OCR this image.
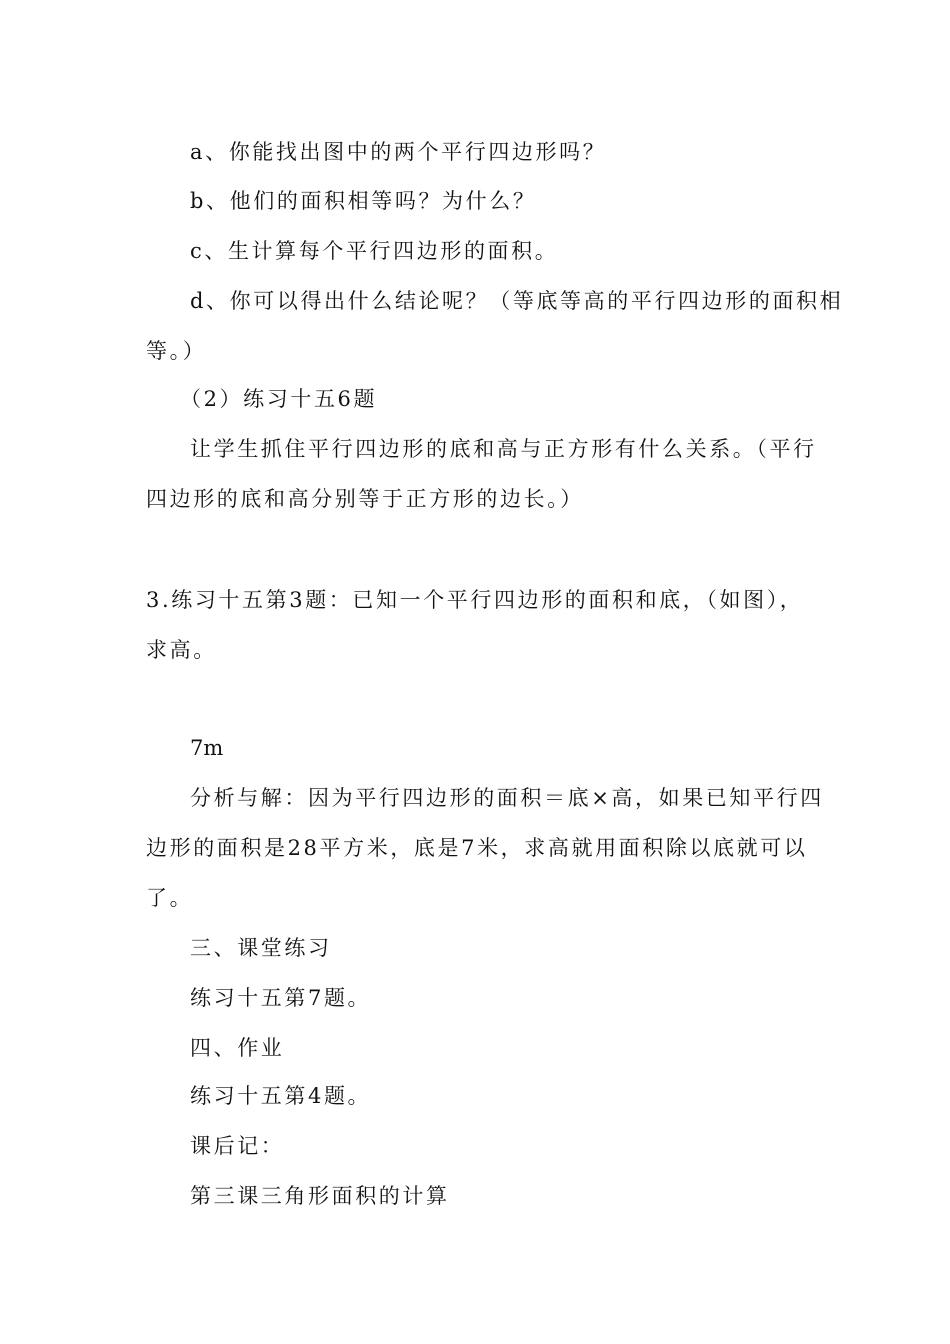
a、你能找出图中的两个平行四边形吗？
b、他们的面积相等吗？为什么？
c、生计算每个平行四边形的面积。
d、你可以得出什么结论呢？（等底等高的平行四边形的面积相
等。）
（2）练习十五6题
让学生抓住平行四边形的底和高与正方形有什么关系。（平行
四边形的底和高分别等于正方形的边长。）
3.练习十五第3题：已知一个平行四边形的面积和底，（如图），
求高。
7m
分析与解：因为平行四边形的面积＝底×高，如果已知平行四
边形的面积是28平方米，底是7米，求高就用面积除以底就可以
了。
三、课堂练习
练习十五第7题。
四、作业
练习十五第4题。
课后记：
第三课三角形面积的计算
